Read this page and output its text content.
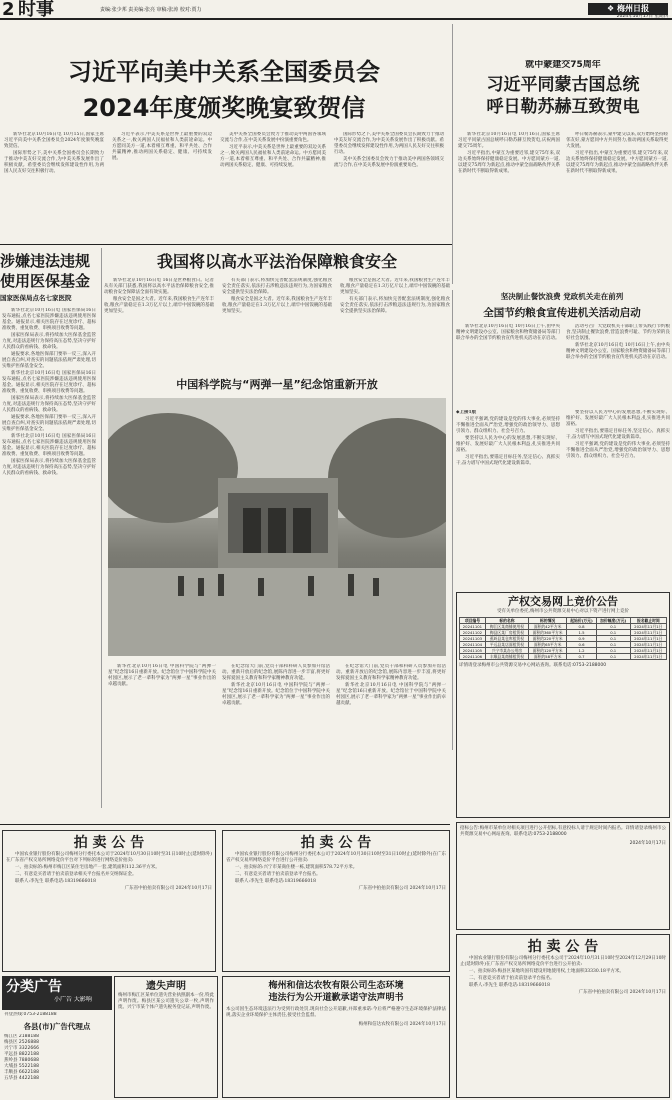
2 时事	责编:张少邦 责美编:张亮 审稿:张涛 校对:贾力	❖ 梅州日报
2024年10月17日 星期四
习近平向美中关系全国委员会
2024年度颁奖晚宴致贺信

新华社北京10月16日电 10月15日,国家主席习近平向美中关系全国委员会2024年度颁奖晚宴致贺信。

国际形势之下,美中关系全国委员会长期致力于推动中美友好交流合作,为中美关系发展作出了积极贡献。希望委员会继续发挥建设性作用,为两国人民友好交往积极行动。

习近平表示,中美关系是世界上最重要的双边关系之一,攸关两国人民福祉和人类前途命运。中方愿同美方一道,本着相互尊重、和平共处、合作共赢精神,推动两国关系稳定、健康、可持续发展。

美中关系全国委员会致力于推动美中两国各领域交流与合作,在中美关系发展中扮演重要角色。

习近平表示,中美关系是世界上最重要的双边关系之一,攸关两国人民福祉和人类前途命运。中方愿同美方一道,本着相互尊重、和平共处、合作共赢精神,推动两国关系稳定、健康、可持续发展。

国际形势之下,美中关系全国委员会长期致力于推动中美友好交流合作,为中美关系发展作出了积极贡献。希望委员会继续发挥建设性作用,为两国人民友好交往积极行动。

美中关系全国委员会致力于推动美中两国各领域交流与合作,在中美关系发展中扮演重要角色。

就中蒙建交75周年
习近平同蒙古国总统
呼日勒苏赫互致贺电

新华社北京10月16日电 10月16日,国家主席习近平同蒙古国总统呼日勒苏赫互致贺电,庆祝两国建交75周年。

习近平指出,中蒙互为重要近邻,建交75年来,双边关系始终保持健康稳定发展。中方愿同蒙方一道,以建交75周年为新起点,推动中蒙全面战略伙伴关系在新时代不断取得新成果。

呼日勒苏赫表示,蒙中建交以来,双方始终坚持睦邻友好,蒙方愿同中方共同努力,推动两国关系取得更大发展。

习近平指出,中蒙互为重要近邻,建交75年来,双边关系始终保持健康稳定发展。中方愿同蒙方一道,以建交75周年为新起点,推动中蒙全面战略伙伴关系在新时代不断取得新成果。

涉嫌违法违规
使用医保基金
国家医保局点名七家医院

新华社北京10月16日电 国家医保局16日发布通报,点名七家医院涉嫌违法违规使用医保基金。通报显示,相关医院存在过度诊疗、超标准收费、重复收费、串换项目收费等问题。

国家医保局表示,将持续加大医保基金监管力度,对违法违规行为保持高压态势,坚决守护好人民群众的看病钱、救命钱。

通报要求,各地医保部门要举一反三,深入开展自查自纠,对查实的问题依法依规严肃处理,切实维护医保基金安全。

新华社北京10月16日电 国家医保局16日发布通报,点名七家医院涉嫌违法违规使用医保基金。通报显示,相关医院存在过度诊疗、超标准收费、重复收费、串换项目收费等问题。

国家医保局表示,将持续加大医保基金监管力度,对违法违规行为保持高压态势,坚决守护好人民群众的看病钱、救命钱。

通报要求,各地医保部门要举一反三,深入开展自查自纠,对查实的问题依法依规严肃处理,切实维护医保基金安全。

新华社北京10月16日电 国家医保局16日发布通报,点名七家医院涉嫌违法违规使用医保基金。通报显示,相关医院存在过度诊疗、超标准收费、重复收费、串换项目收费等问题。

国家医保局表示,将持续加大医保基金监管力度,对违法违规行为保持高压态势,坚决守护好人民群众的看病钱、救命钱。

我国将以高水平法治保障粮食安全

新华社北京10月16日电 16日是世界粮食日。记者从有关部门获悉,我国将以高水平法治保障粮食安全,推动粮食安全保障法全面有效实施。

粮食安全是国之大者。近年来,我国粮食生产连年丰收,粮食产量稳定在1.3万亿斤以上,端牢中国饭碗的基础更加坚实。

有关部门表示,将加快完善配套法规制度,强化粮食安全责任落实,依法打击涉粮违法违规行为,为国家粮食安全提供坚实法治保障。

粮食安全是国之大者。近年来,我国粮食生产连年丰收,粮食产量稳定在1.3万亿斤以上,端牢中国饭碗的基础更加坚实。

粮食安全是国之大者。近年来,我国粮食生产连年丰收,粮食产量稳定在1.3万亿斤以上,端牢中国饭碗的基础更加坚实。

有关部门表示,将加快完善配套法规制度,强化粮食安全责任落实,依法打击涉粮违法违规行为,为国家粮食安全提供坚实法治保障。

坚决制止餐饮浪费 党政机关走在前列
全国节约粮食宣传进机关活动启动

新华社北京10月16日电 10月16日上午,由中央精神文明建设办公室、国家粮食和物资储备局等部门联合举办的全国节约粮食宣传进机关活动在京启动。

活动号召广大党政机关干部职工带头践行节约粮食,坚决制止餐饮浪费,营造浪费可耻、节约为荣的良好社会氛围。

新华社北京10月16日电 10月16日上午,由中央精神文明建设办公室、国家粮食和物资储备局等部门联合举办的全国节约粮食宣传进机关活动在京启动。

中国科学院与“两弹一星”纪念馆重新开放

新华社北京10月16日电 中国科学院与“两弹一星”纪念馆16日重新开放。纪念馆位于中国科学院中关村园区,展示了老一辈科学家为“两弹一星”事业作出的卓越贡献。

在纪念馆大门前,党员干部和科研人员参加开馆活动。重新开放后的纪念馆,展陈内容进一步丰富,将更好发挥爱国主义教育和科学家精神教育功能。

新华社北京10月16日电 中国科学院与“两弹一星”纪念馆16日重新开放。纪念馆位于中国科学院中关村园区,展示了老一辈科学家为“两弹一星”事业作出的卓越贡献。

在纪念馆大门前,党员干部和科研人员参加开馆活动。重新开放后的纪念馆,展陈内容进一步丰富,将更好发挥爱国主义教育和科学家精神教育功能。

新华社北京10月16日电 中国科学院与“两弹一星”纪念馆16日重新开放。纪念馆位于中国科学院中关村园区,展示了老一辈科学家为“两弹一星”事业作出的卓越贡献。

◆上接1版

习近平强调,党的建设是党的伟大事业,必须坚持不懈推进全面从严治党,增强党的政治领导力、思想引领力、群众组织力、社会号召力。

要坚持以人民为中心的发展思想,不断实现好、维护好、发展好最广大人民根本利益,扎实推进共同富裕。

习近平指出,要锚定目标任务,坚定信心、真抓实干,奋力谱写中国式现代化建设新篇章。

要坚持以人民为中心的发展思想,不断实现好、维护好、发展好最广大人民根本利益,扎实推进共同富裕。

习近平指出,要锚定目标任务,坚定信心、真抓实干,奋力谱写中国式现代化建设新篇章。

习近平强调,党的建设是党的伟大事业,必须坚持不懈推进全面从严治党,增强党的政治领导力、思想引领力、群众组织力、社会号召力。

产权交易网上竞价公告
受有关单位委托,梅州市公共资源交易中心对以下资产进行网上竞价
项目编号	标的名称	标的情况	起始价(万元)	加价幅度(万元)	报名截止时间
20241101	梅江区某商铺使用权	面积约42平方米	0.8	0.1	2024年11月1日
20241102	梅县区某厂房租赁权	面积约360平方米	1.5	0.1	2024年11月1日
20241103	蕉岭县某仓库租赁权	面积约220平方米	0.9	0.1	2024年11月1日
20241104	平远县某店面租赁权	面积约65平方米	0.6	0.1	2024年11月1日
20241105	兴宁市某办公用房	面积约120平方米	1.2	0.1	2024年11月1日
20241106	丰顺县某商铺租赁权	面积约58平方米	0.7	0.1	2024年11月1日
详情请登录梅州市公共资源交易中心网站查询。联系电话:0753-2188000
拍 卖 公 告

中国农业银行股份有限公司梅州分行委托本公司于2024年10月30日10时至31日10时止(延时除外)在广东省产权交易所网络竞价平台对下列标的进行网络竞价拍卖:

一、拍卖标的:梅州市梅江区某住宅房地产一套,建筑面积112.36平方米。

二、有意竞买者请于拍卖前登录相关平台报名并交纳保证金。

联系人:李先生 联系电话:18319666018

广东省中拍拍卖有限公司 2024年10月17日

拍 卖 公 告

中国农业银行股份有限公司梅州分行委托本公司于2024年10月30日10时至31日10时止(延时除外)在广东省产权交易所网络竞价平台进行公开拍卖:

一、拍卖标的:兴宁市某商住楼一栋,建筑面积578.72平方米。

二、有意竞买者请于拍卖前登录平台报名。

联系人:李先生 联系电话:18319666018

广东省中拍拍卖有限公司 2024年10月17日

招标公告:梅州市某单位对相关项目进行公开招标,有意投标人请于规定时间内报名。详情请登录梅州市公共资源交易中心网站查询。联系电话:0753-2188000
2024年10月17日
分类广告
小广告 大影响
刊登热线:0753-2188188
各县(市)广告代理点
梅江区 2188188
梅县区 2526888
兴宁市 3322666
平远县 8822188
蕉岭县 7880688
大埔县 5522188
丰顺县 6622188
五华县 4422188
遗失声明
梅州市梅江区某单位遗失营业执照副本一份,特此声明作废。梅县区某公司遗失公章一枚,声明作废。兴宁市某个体户遗失税务登记证,声明作废。
梅州和信达农牧有限公司生态环境
违法行为公开道歉承诺守法声明书
本公司因生态环境违法行为受到行政处罚,现向社会公开道歉,并郑重承诺:今后将严格遵守生态环境保护法律法规,落实企业环境保护主体责任,接受社会监督。
梅州和信达农牧有限公司 2024年10月17日
拍 卖 公 告

中国农业银行股份有限公司梅州分行委托本公司于2024年10月31日10时至2024年12月29日10时止(延时除外)在广东省产权交易所网络竞价平台进行公开拍卖:

一、拍卖标的:梅县区某地块国有建设用地使用权,土地面积33330.18平方米。

二、有意竞买者请于拍卖前登录平台报名。

联系人:李先生 联系电话:18319666018

广东省中拍拍卖有限公司 2024年10月17日
